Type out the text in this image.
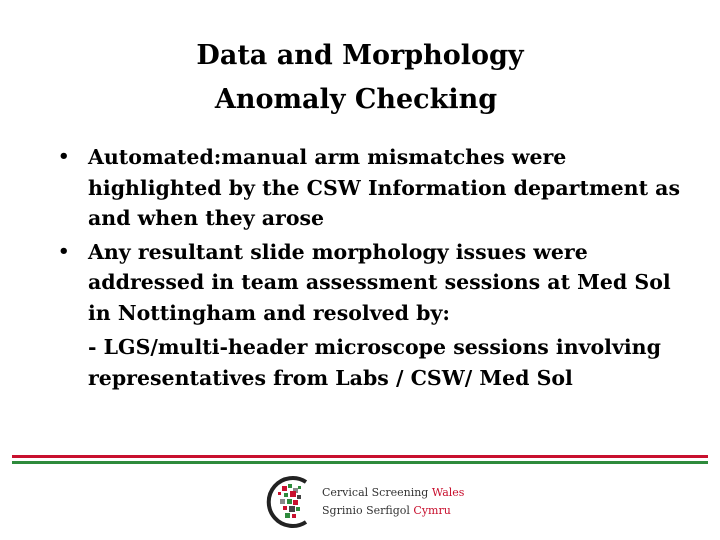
Data and Morphology
Anomaly Checking
• Automated:manual arm mismatches were highlighted by the CSW Information department as and when they arose
• Any resultant slide morphology issues were addressed in team assessment sessions at Med Sol in Nottingham and resolved by:
- LGS/multi-header microscope sessions involving representatives from Labs / CSW/ Med Sol
Cervical Screening Wales
Sgrinio Serfigol Cymru
